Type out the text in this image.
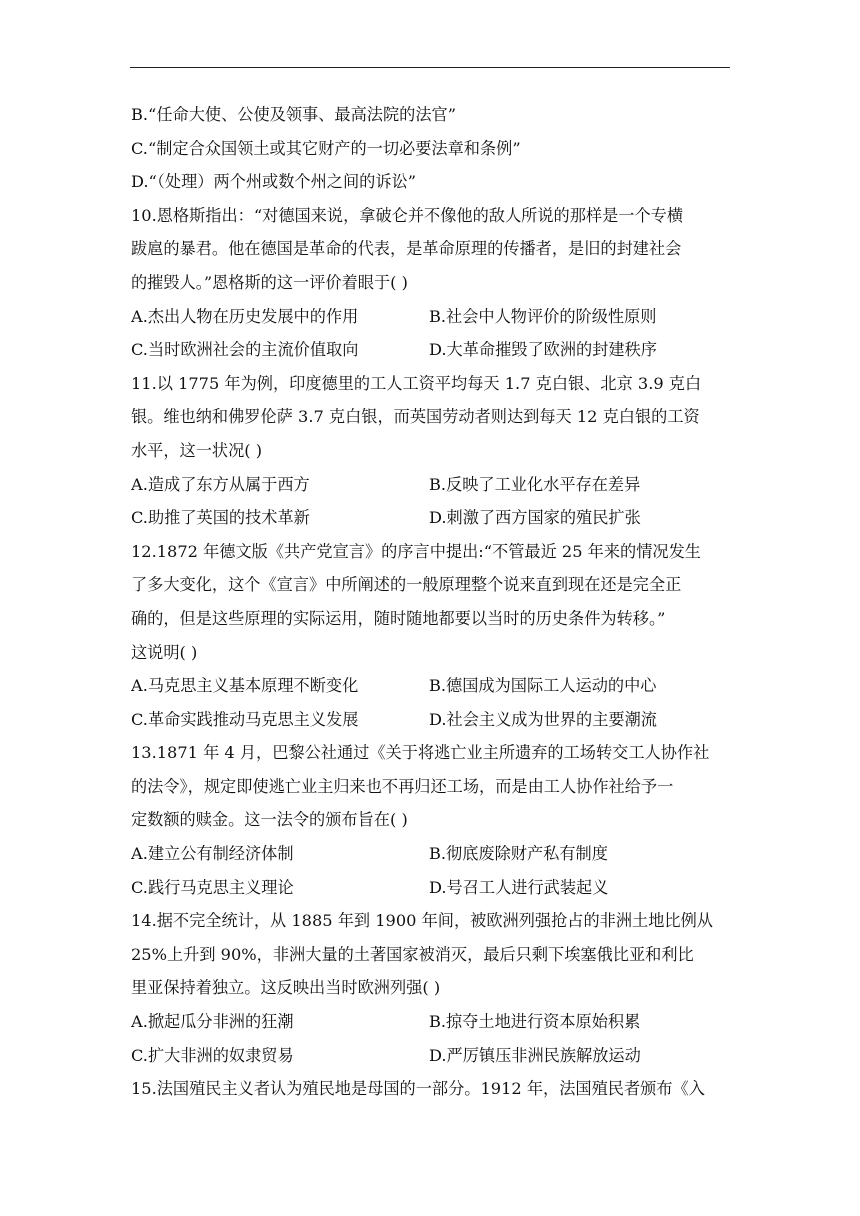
B.“任命大使、公使及领事、最高法院的法官”
C.“制定合众国领土或其它财产的一切必要法章和条例”
D.“（处理）两个州或数个州之间的诉讼”
10.恩格斯指出：“对德国来说，拿破仑并不像他的敌人所说的那样是一个专横
跋扈的暴君。他在德国是革命的代表，是革命原理的传播者，是旧的封建社会
的摧毁人。”恩格斯的这一评价着眼于( )
A.杰出人物在历史发展中的作用	B.社会中人物评价的阶级性原则
C.当时欧洲社会的主流价值取向	D.大革命摧毁了欧洲的封建秩序
11.以 1775 年为例，印度德里的工人工资平均每天 1.7 克白银、北京 3.9 克白
银。维也纳和佛罗伦萨 3.7 克白银，而英国劳动者则达到每天 12 克白银的工资
水平，这一状况( )
A.造成了东方从属于西方	B.反映了工业化水平存在差异
C.助推了英国的技术革新	D.刺激了西方国家的殖民扩张
12.1872 年德文版《共产党宣言》的序言中提出:“不管最近 25 年来的情况发生
了多大变化，这个《宣言》中所阐述的一般原理整个说来直到现在还是完全正
确的，但是这些原理的实际运用，随时随地都要以当时的历史条件为转移。”
这说明( )
A.马克思主义基本原理不断变化	B.德国成为国际工人运动的中心
C.革命实践推动马克思主义发展	D.社会主义成为世界的主要潮流
13.1871 年 4 月，巴黎公社通过《关于将逃亡业主所遗弃的工场转交工人协作社
的法令》，规定即使逃亡业主归来也不再归还工场，而是由工人协作社给予一
定数额的赎金。这一法令的颁布旨在( )
A.建立公有制经济体制	B.彻底废除财产私有制度
C.践行马克思主义理论	D.号召工人进行武装起义
14.据不完全统计，从 1885 年到 1900 年间，被欧洲列强抢占的非洲土地比例从
25%上升到 90%，非洲大量的土著国家被消灭，最后只剩下埃塞俄比亚和利比
里亚保持着独立。这反映出当时欧洲列强( )
A.掀起瓜分非洲的狂潮	B.掠夺土地进行资本原始积累
C.扩大非洲的奴隶贸易	D.严厉镇压非洲民族解放运动
15.法国殖民主义者认为殖民地是母国的一部分。1912 年，法国殖民者颁布《入
